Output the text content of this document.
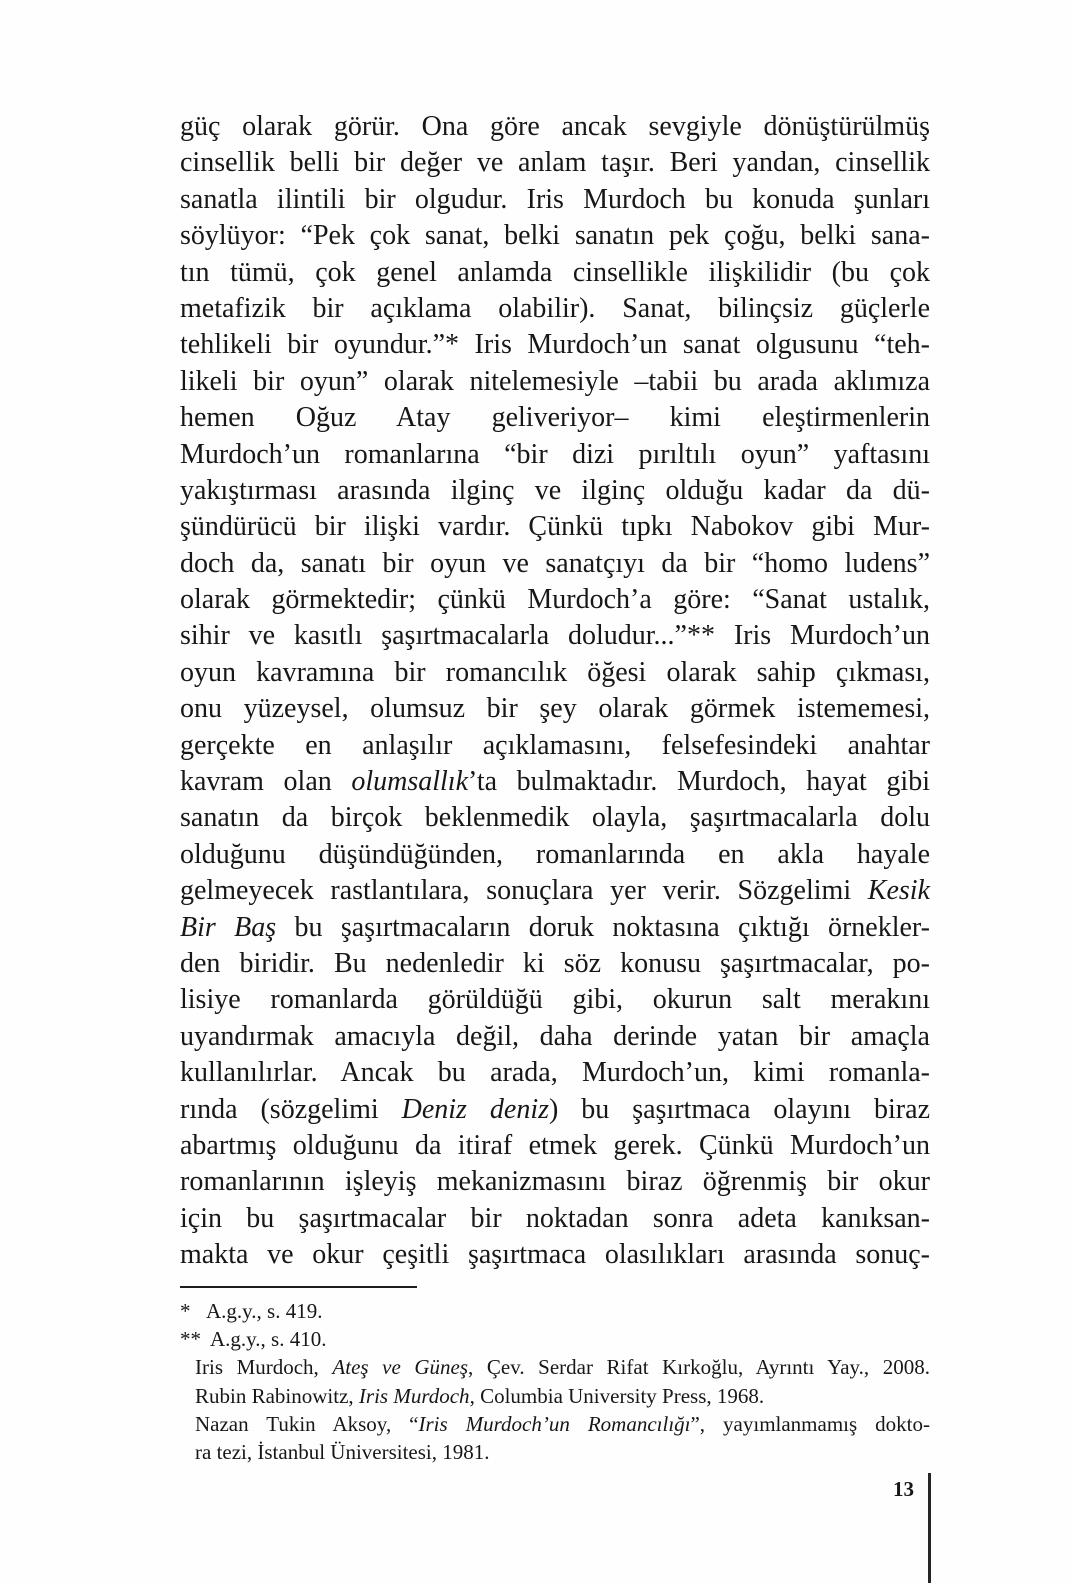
güç olarak görür. Ona göre ancak sevgiyle dönüştürülmüş
cinsellik belli bir değer ve anlam taşır. Beri yandan, cinsellik
sanatla ilintili bir olgudur. Iris Murdoch bu konuda şunları
söylüyor: “Pek çok sanat, belki sanatın pek çoğu, belki sana-
tın tümü, çok genel anlamda cinsellikle ilişkilidir (bu çok
metafizik bir açıklama olabilir). Sanat, bilinçsiz güçlerle
tehlikeli bir oyundur.”* Iris Murdoch’un sanat olgusunu “teh-
likeli bir oyun” olarak nitelemesiyle –tabii bu arada aklımıza
hemen Oğuz Atay geliveriyor– kimi eleştirmenlerin
Murdoch’un romanlarına “bir dizi pırıltılı oyun” yaftasını
yakıştırması arasında ilginç ve ilginç olduğu kadar da dü-
şündürücü bir ilişki vardır. Çünkü tıpkı Nabokov gibi Mur-
doch da, sanatı bir oyun ve sanatçıyı da bir “homo ludens”
olarak görmektedir; çünkü Murdoch’a göre: “Sanat ustalık,
sihir ve kasıtlı şaşırtmacalarla doludur...”** Iris Murdoch’un
oyun kavramına bir romancılık öğesi olarak sahip çıkması,
onu yüzeysel, olumsuz bir şey olarak görmek istememesi,
gerçekte en anlaşılır açıklamasını, felsefesindeki anahtar
kavram olan olumsallık’ta bulmaktadır. Murdoch, hayat gibi
sanatın da birçok beklenmedik olayla, şaşırtmacalarla dolu
olduğunu düşündüğünden, romanlarında en akla hayale
gelmeyecek rastlantılara, sonuçlara yer verir. Sözgelimi Kesik
Bir Baş bu şaşırtmacaların doruk noktasına çıktığı örnekler-
den biridir. Bu nedenledir ki söz konusu şaşırtmacalar, po-
lisiye romanlarda görüldüğü gibi, okurun salt merakını
uyandırmak amacıyla değil, daha derinde yatan bir amaçla
kullanılırlar. Ancak bu arada, Murdoch’un, kimi romanla-
rında (sözgelimi Deniz deniz) bu şaşırtmaca olayını biraz
abartmış olduğunu da itiraf etmek gerek. Çünkü Murdoch’un
romanlarının işleyiş mekanizmasını biraz öğrenmiş bir okur
için bu şaşırtmacalar bir noktadan sonra adeta kanıksan-
makta ve okur çeşitli şaşırtmaca olasılıkları arasında sonuç-
* A.g.y., s. 419.
** A.g.y., s. 410.
Iris Murdoch, Ateş ve Güneş, Çev. Serdar Rifat Kırkoğlu, Ayrıntı Yay., 2008.
Rubin Rabinowitz, Iris Murdoch, Columbia University Press, 1968.
Nazan Tukin Aksoy, “Iris Murdoch’un Romancılığı”, yayımlanmamış dokto-
ra tezi, İstanbul Üniversitesi, 1981.
13
